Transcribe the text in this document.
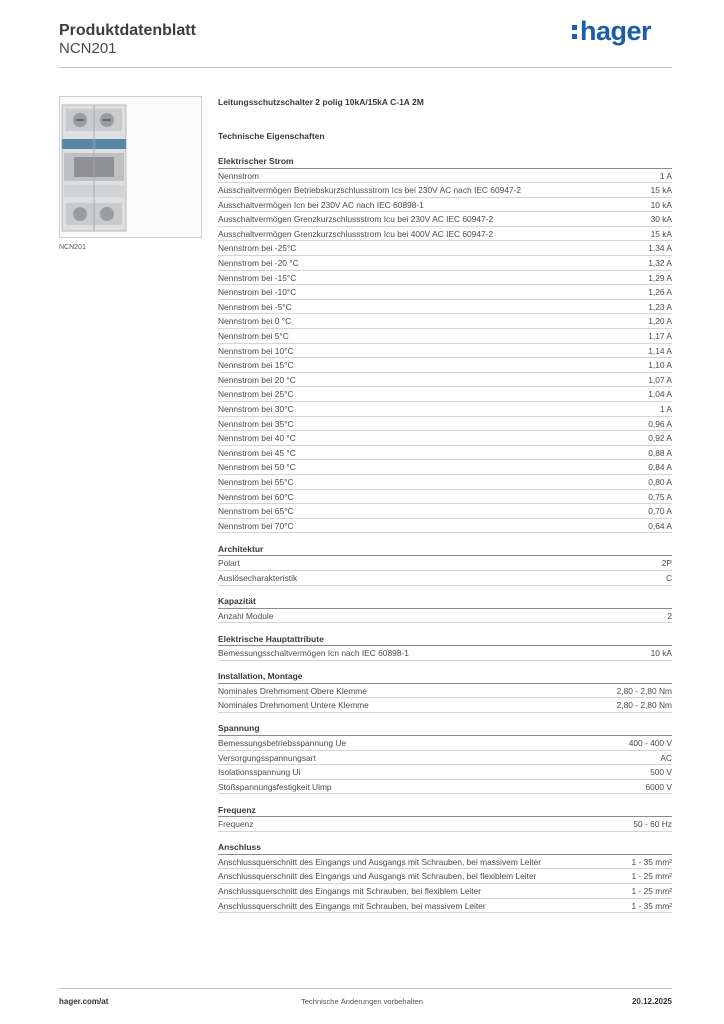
Produktdatenblatt
NCN201
hager
NCN201
Leitungsschutzschalter 2 polig 10kA/15kA C-1A 2M
Technische Eigenschaften
Elektrischer Strom
Nennstrom	1 A
Ausschaltvermögen Betriebskurzschlussstrom Ics bei 230V AC nach IEC 60947-2	15 kA
Ausschaltvermögen Icn bei 230V AC nach IEC 60898-1	10 kA
Ausschaltvermögen Grenzkurzschlussstrom Icu bei 230V AC IEC 60947-2	30 kA
Ausschaltvermögen Grenzkurzschlussstrom Icu bei 400V AC IEC 60947-2	15 kA
Nennstrom bei -25°C	1,34 A
Nennstrom bei -20 °C	1,32 A
Nennstrom bei -15°C	1,29 A
Nennstrom bei -10°C	1,26 A
Nennstrom bei -5°C	1,23 A
Nennstrom bei 0 °C	1,20 A
Nennstrom bei 5°C	1,17 A
Nennstrom bei 10°C	1,14 A
Nennstrom bei 15°C	1,10 A
Nennstrom bei 20 °C	1,07 A
Nennstrom bei 25°C	1,04 A
Nennstrom bei 30°C	1 A
Nennstrom bei 35°C	0,96 A
Nennstrom bei 40 °C	0,92 A
Nennstrom bei 45 °C	0,88 A
Nennstrom bei 50 °C	0,84 A
Nennstrom bei 55°C	0,80 A
Nennstrom bei 60°C	0,75 A
Nennstrom bei 65°C	0,70 A
Nennstrom bei 70°C	0,64 A
Architektur
Polart	2P
Auslösecharakteristik	C
Kapazität
Anzahl Module	2
Elektrische Hauptattribute
Bemessungsschaltvermögen Icn nach IEC 60898-1	10 kA
Installation, Montage
Nominales Drehmoment Obere Klemme	2,80 - 2,80 Nm
Nominales Drehmoment Untere Klemme	2,80 - 2,80 Nm
Spannung
Bemessungsbetriebsspannung Ue	400 - 400 V
Versorgungsspannungsart	AC
Isolationsspannung Ui	500 V
Stoßspannungsfestigkeit Uimp	6000 V
Frequenz
Frequenz	50 - 60 Hz
Anschluss
Anschlussquerschnitt des Eingangs und Ausgangs mit Schrauben, bei massivem Leiter	1 - 35 mm²
Anschlussquerschnitt des Eingangs und Ausgangs mit Schrauben, bei flexiblem Leiter	1 - 25 mm²
Anschlussquerschnitt des Eingangs mit Schrauben, bei flexiblem Leiter	1 - 25 mm²
Anschlussquerschnitt des Eingangs mit Schrauben, bei massivem Leiter	1 - 35 mm²
hager.com/at	Technische Änderungen vorbehalten	20.12.2025
